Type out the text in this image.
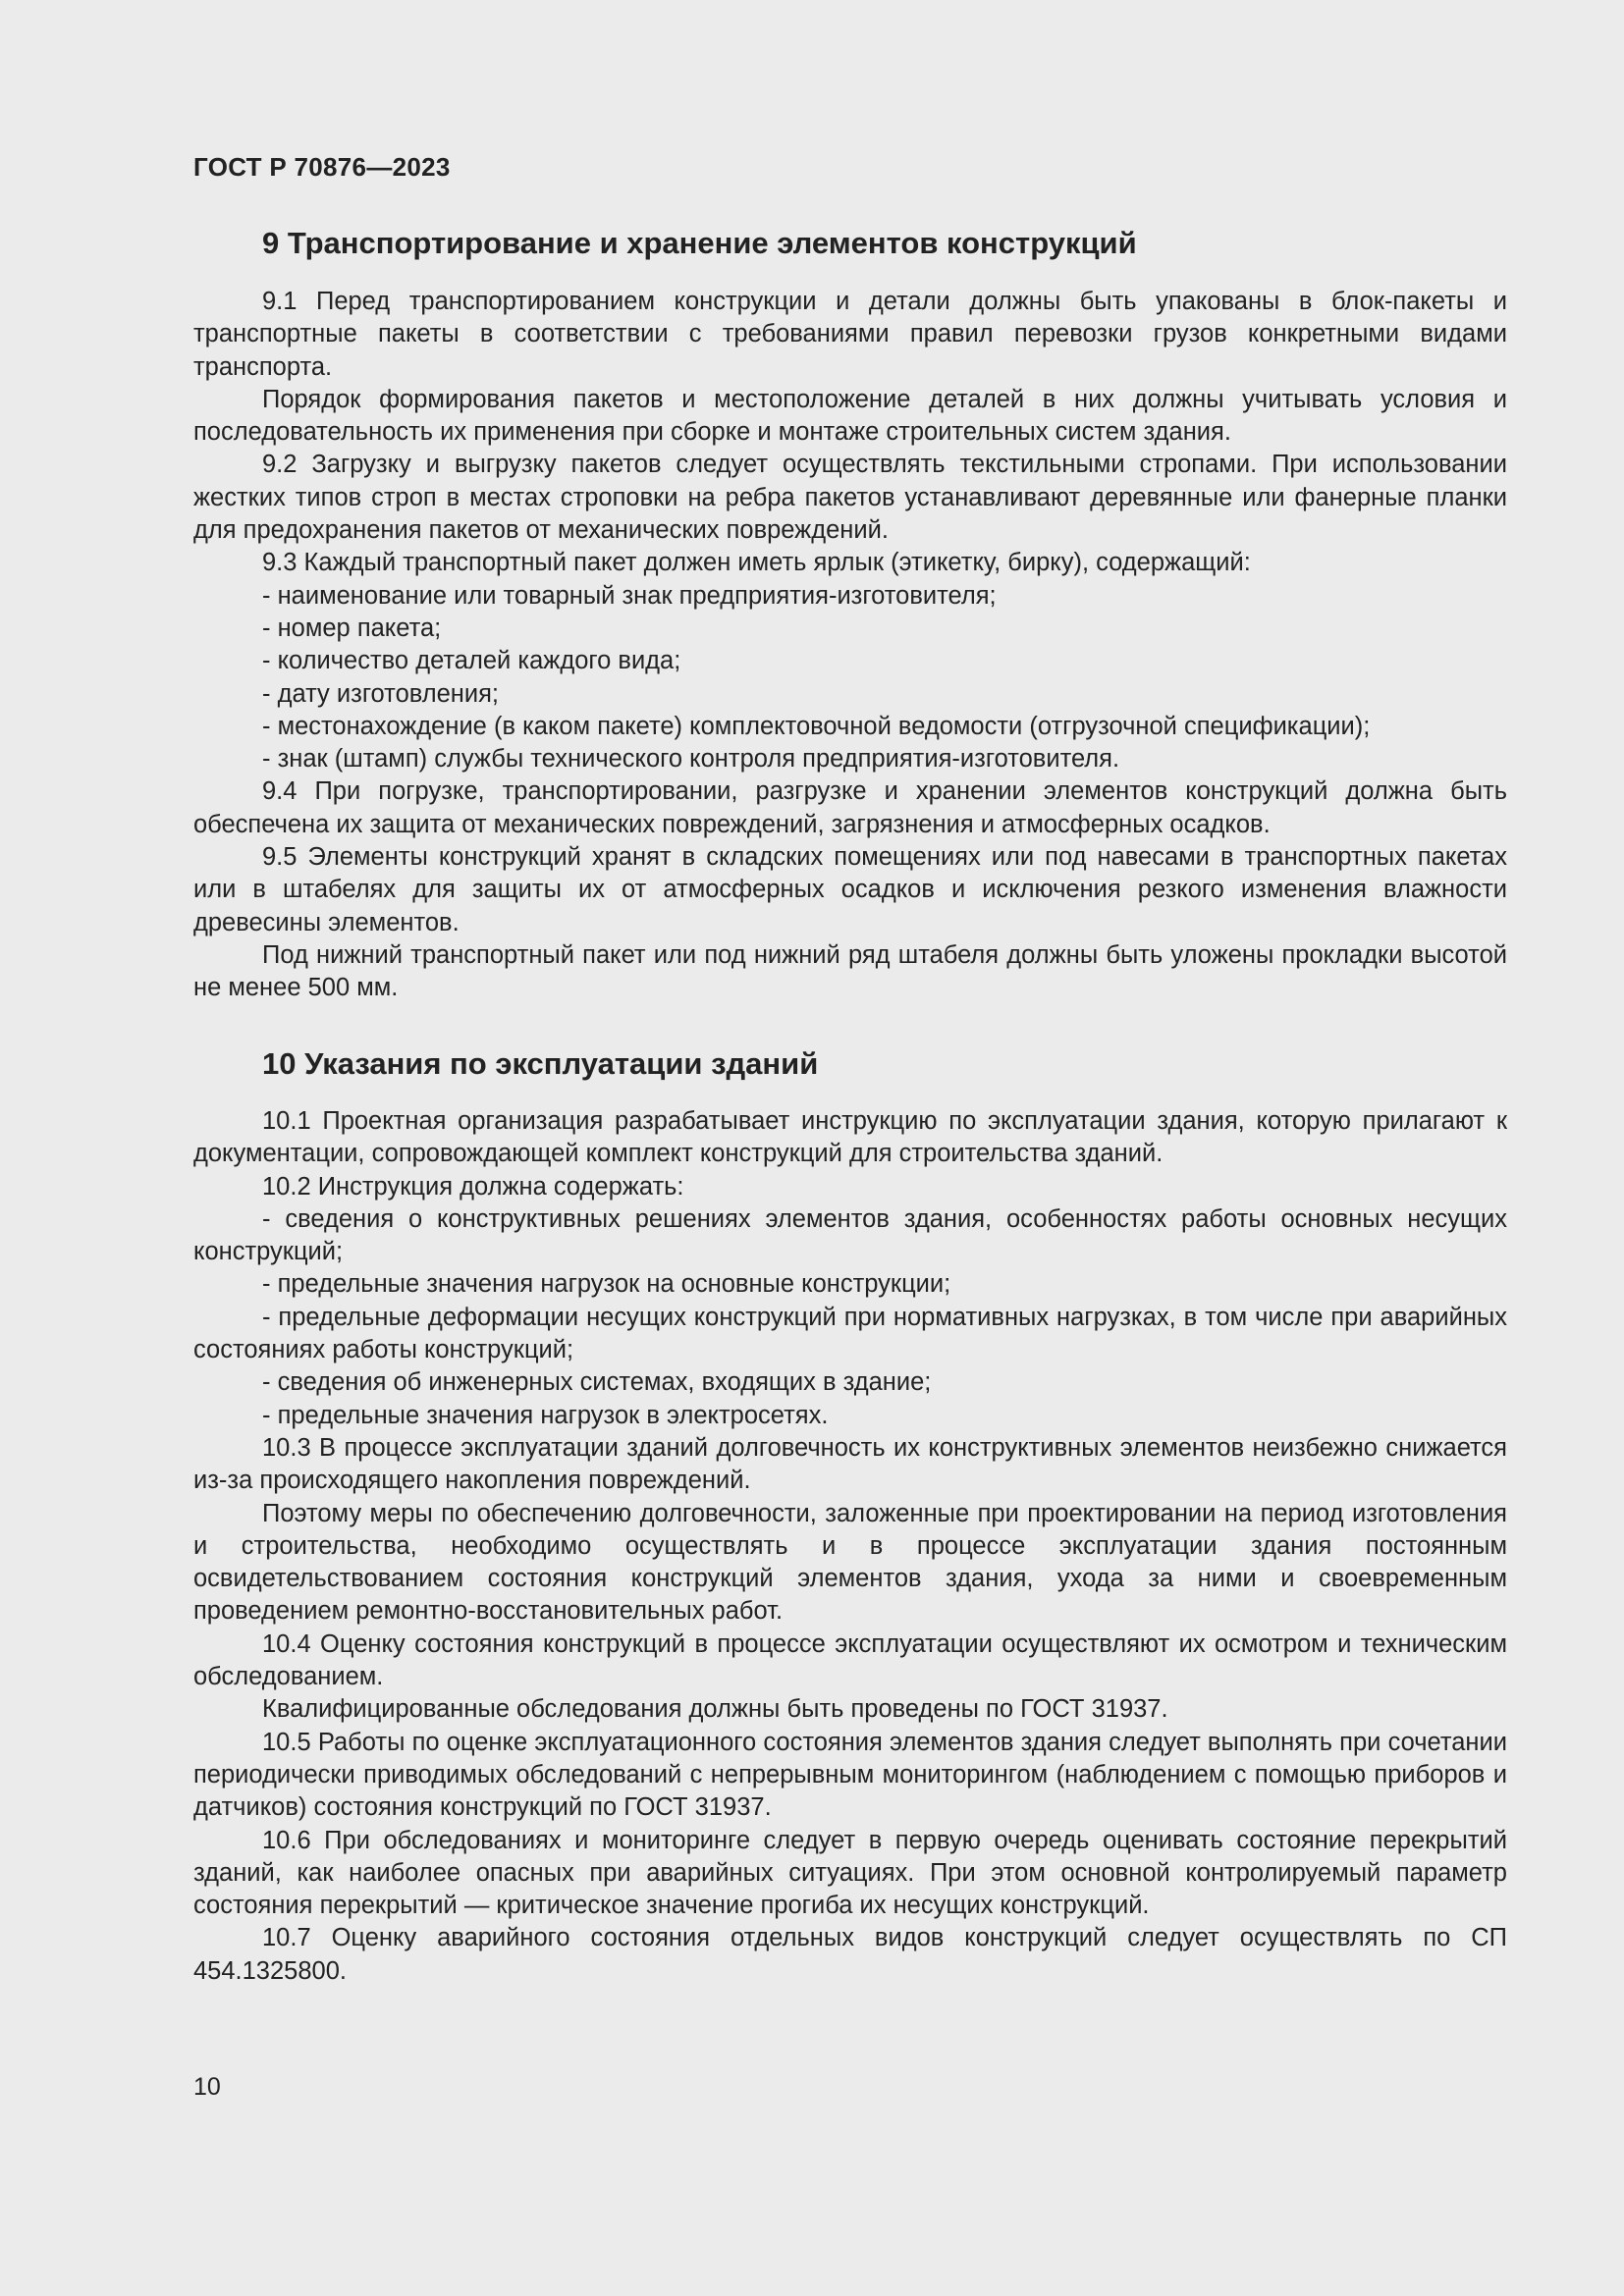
ГОСТ Р 70876—2023
9 Транспортирование и хранение элементов конструкций

9.1 Перед транспортированием конструкции и детали должны быть упакованы в блок-пакеты и транспортные пакеты в соответствии с требованиями правил перевозки грузов конкретными видами транспорта.

Порядок формирования пакетов и местоположение деталей в них должны учитывать условия и последовательность их применения при сборке и монтаже строительных систем здания.

9.2 Загрузку и выгрузку пакетов следует осуществлять текстильными стропами. При использовании жестких типов строп в местах строповки на ребра пакетов устанавливают деревянные или фанерные планки для предохранения пакетов от механических повреждений.

9.3 Каждый транспортный пакет должен иметь ярлык (этикетку, бирку), содержащий:

- наименование или товарный знак предприятия-изготовителя;

- номер пакета;

- количество деталей каждого вида;

- дату изготовления;

- местонахождение (в каком пакете) комплектовочной ведомости (отгрузочной спецификации);

- знак (штамп) службы технического контроля предприятия-изготовителя.

9.4 При погрузке, транспортировании, разгрузке и хранении элементов конструкций должна быть обеспечена их защита от механических повреждений, загрязнения и атмосферных осадков.

9.5 Элементы конструкций хранят в складских помещениях или под навесами в транспортных пакетах или в штабелях для защиты их от атмосферных осадков и исключения резкого изменения влажности древесины элементов.

Под нижний транспортный пакет или под нижний ряд штабеля должны быть уложены прокладки высотой не менее 500 мм.

10 Указания по эксплуатации зданий

10.1 Проектная организация разрабатывает инструкцию по эксплуатации здания, которую прилагают к документации, сопровождающей комплект конструкций для строительства зданий.

10.2 Инструкция должна содержать:

- сведения о конструктивных решениях элементов здания, особенностях работы основных несущих конструкций;

- предельные значения нагрузок на основные конструкции;

- предельные деформации несущих конструкций при нормативных нагрузках, в том числе при аварийных состояниях работы конструкций;

- сведения об инженерных системах, входящих в здание;

- предельные значения нагрузок в электросетях.

10.3 В процессе эксплуатации зданий долговечность их конструктивных элементов неизбежно снижается из-за происходящего накопления повреждений.

Поэтому меры по обеспечению долговечности, заложенные при проектировании на период изготовления и строительства, необходимо осуществлять и в процессе эксплуатации здания постоянным освидетельствованием состояния конструкций элементов здания, ухода за ними и своевременным проведением ремонтно-восстановительных работ.

10.4 Оценку состояния конструкций в процессе эксплуатации осуществляют их осмотром и техническим обследованием.

Квалифицированные обследования должны быть проведены по ГОСТ 31937.

10.5 Работы по оценке эксплуатационного состояния элементов здания следует выполнять при сочетании периодически приводимых обследований с непрерывным мониторингом (наблюдением с помощью приборов и датчиков) состояния конструкций по ГОСТ 31937.

10.6 При обследованиях и мониторинге следует в первую очередь оценивать состояние перекрытий зданий, как наиболее опасных при аварийных ситуациях. При этом основной контролируемый параметр состояния перекрытий — критическое значение прогиба их несущих конструкций.

10.7 Оценку аварийного состояния отдельных видов конструкций следует осуществлять по СП 454.1325800.

10
